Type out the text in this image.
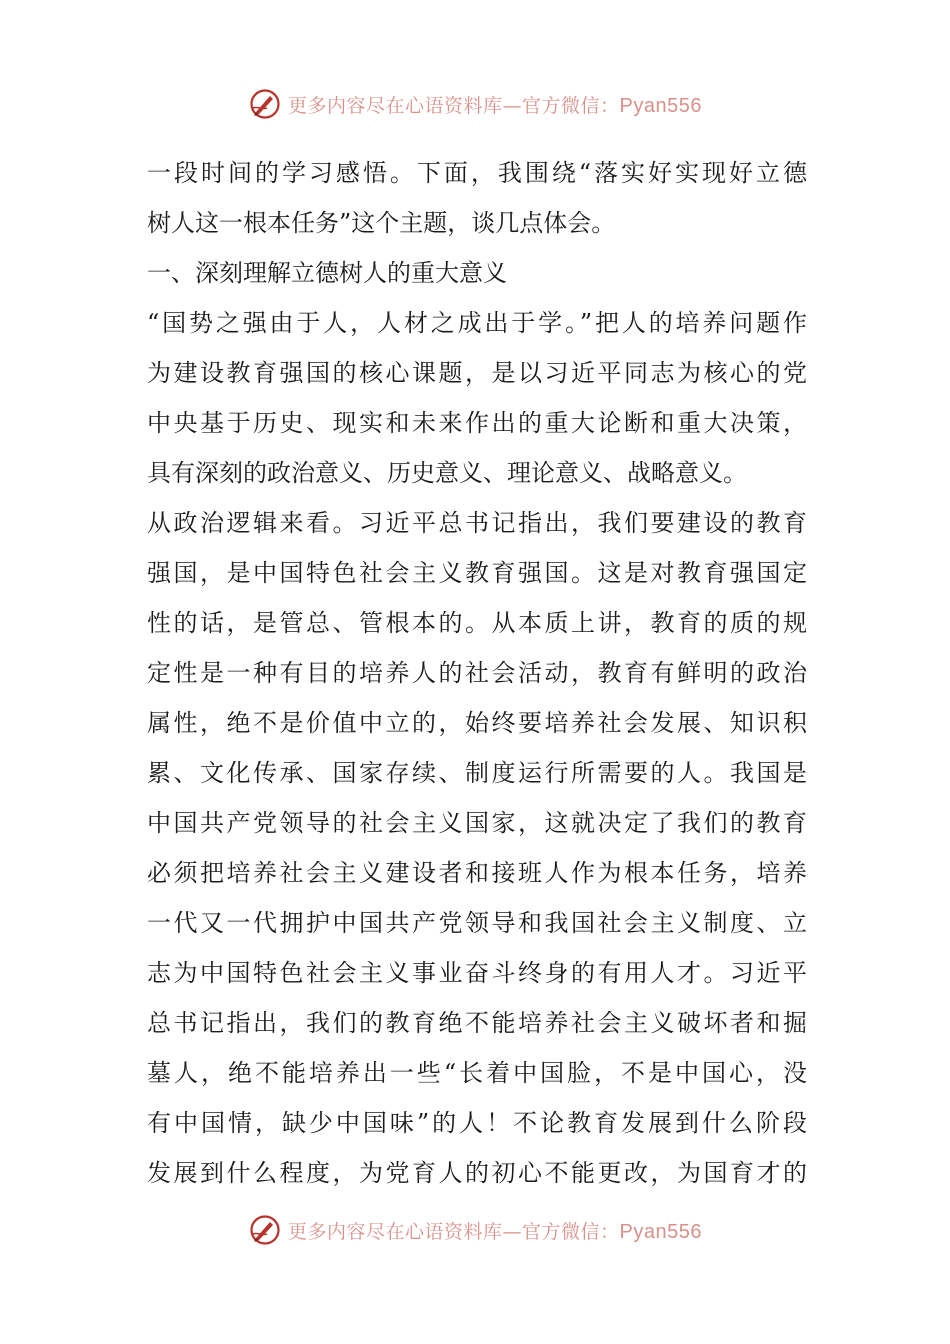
更多内容尽在心语资料库—官方微信：Pyan556
一段时间的学习感悟。下面，我围绕“落实好实现好立德
树人这一根本任务”这个主题，谈几点体会。
一、深刻理解立德树人的重大意义
“国势之强由于人，人材之成出于学。”把人的培养问题作
为建设教育强国的核心课题，是以习近平同志为核心的党
中央基于历史、现实和未来作出的重大论断和重大决策，
具有深刻的政治意义、历史意义、理论意义、战略意义。
从政治逻辑来看。习近平总书记指出，我们要建设的教育
强国，是中国特色社会主义教育强国。这是对教育强国定
性的话，是管总、管根本的。从本质上讲，教育的质的规
定性是一种有目的培养人的社会活动，教育有鲜明的政治
属性，绝不是价值中立的，始终要培养社会发展、知识积
累、文化传承、国家存续、制度运行所需要的人。我国是
中国共产党领导的社会主义国家，这就决定了我们的教育
必须把培养社会主义建设者和接班人作为根本任务，培养
一代又一代拥护中国共产党领导和我国社会主义制度、立
志为中国特色社会主义事业奋斗终身的有用人才。习近平
总书记指出，我们的教育绝不能培养社会主义破坏者和掘
墓人，绝不能培养出一些“长着中国脸，不是中国心，没
有中国情，缺少中国味”的人！不论教育发展到什么阶段
发展到什么程度，为党育人的初心不能更改，为国育才的
更多内容尽在心语资料库—官方微信：Pyan556
